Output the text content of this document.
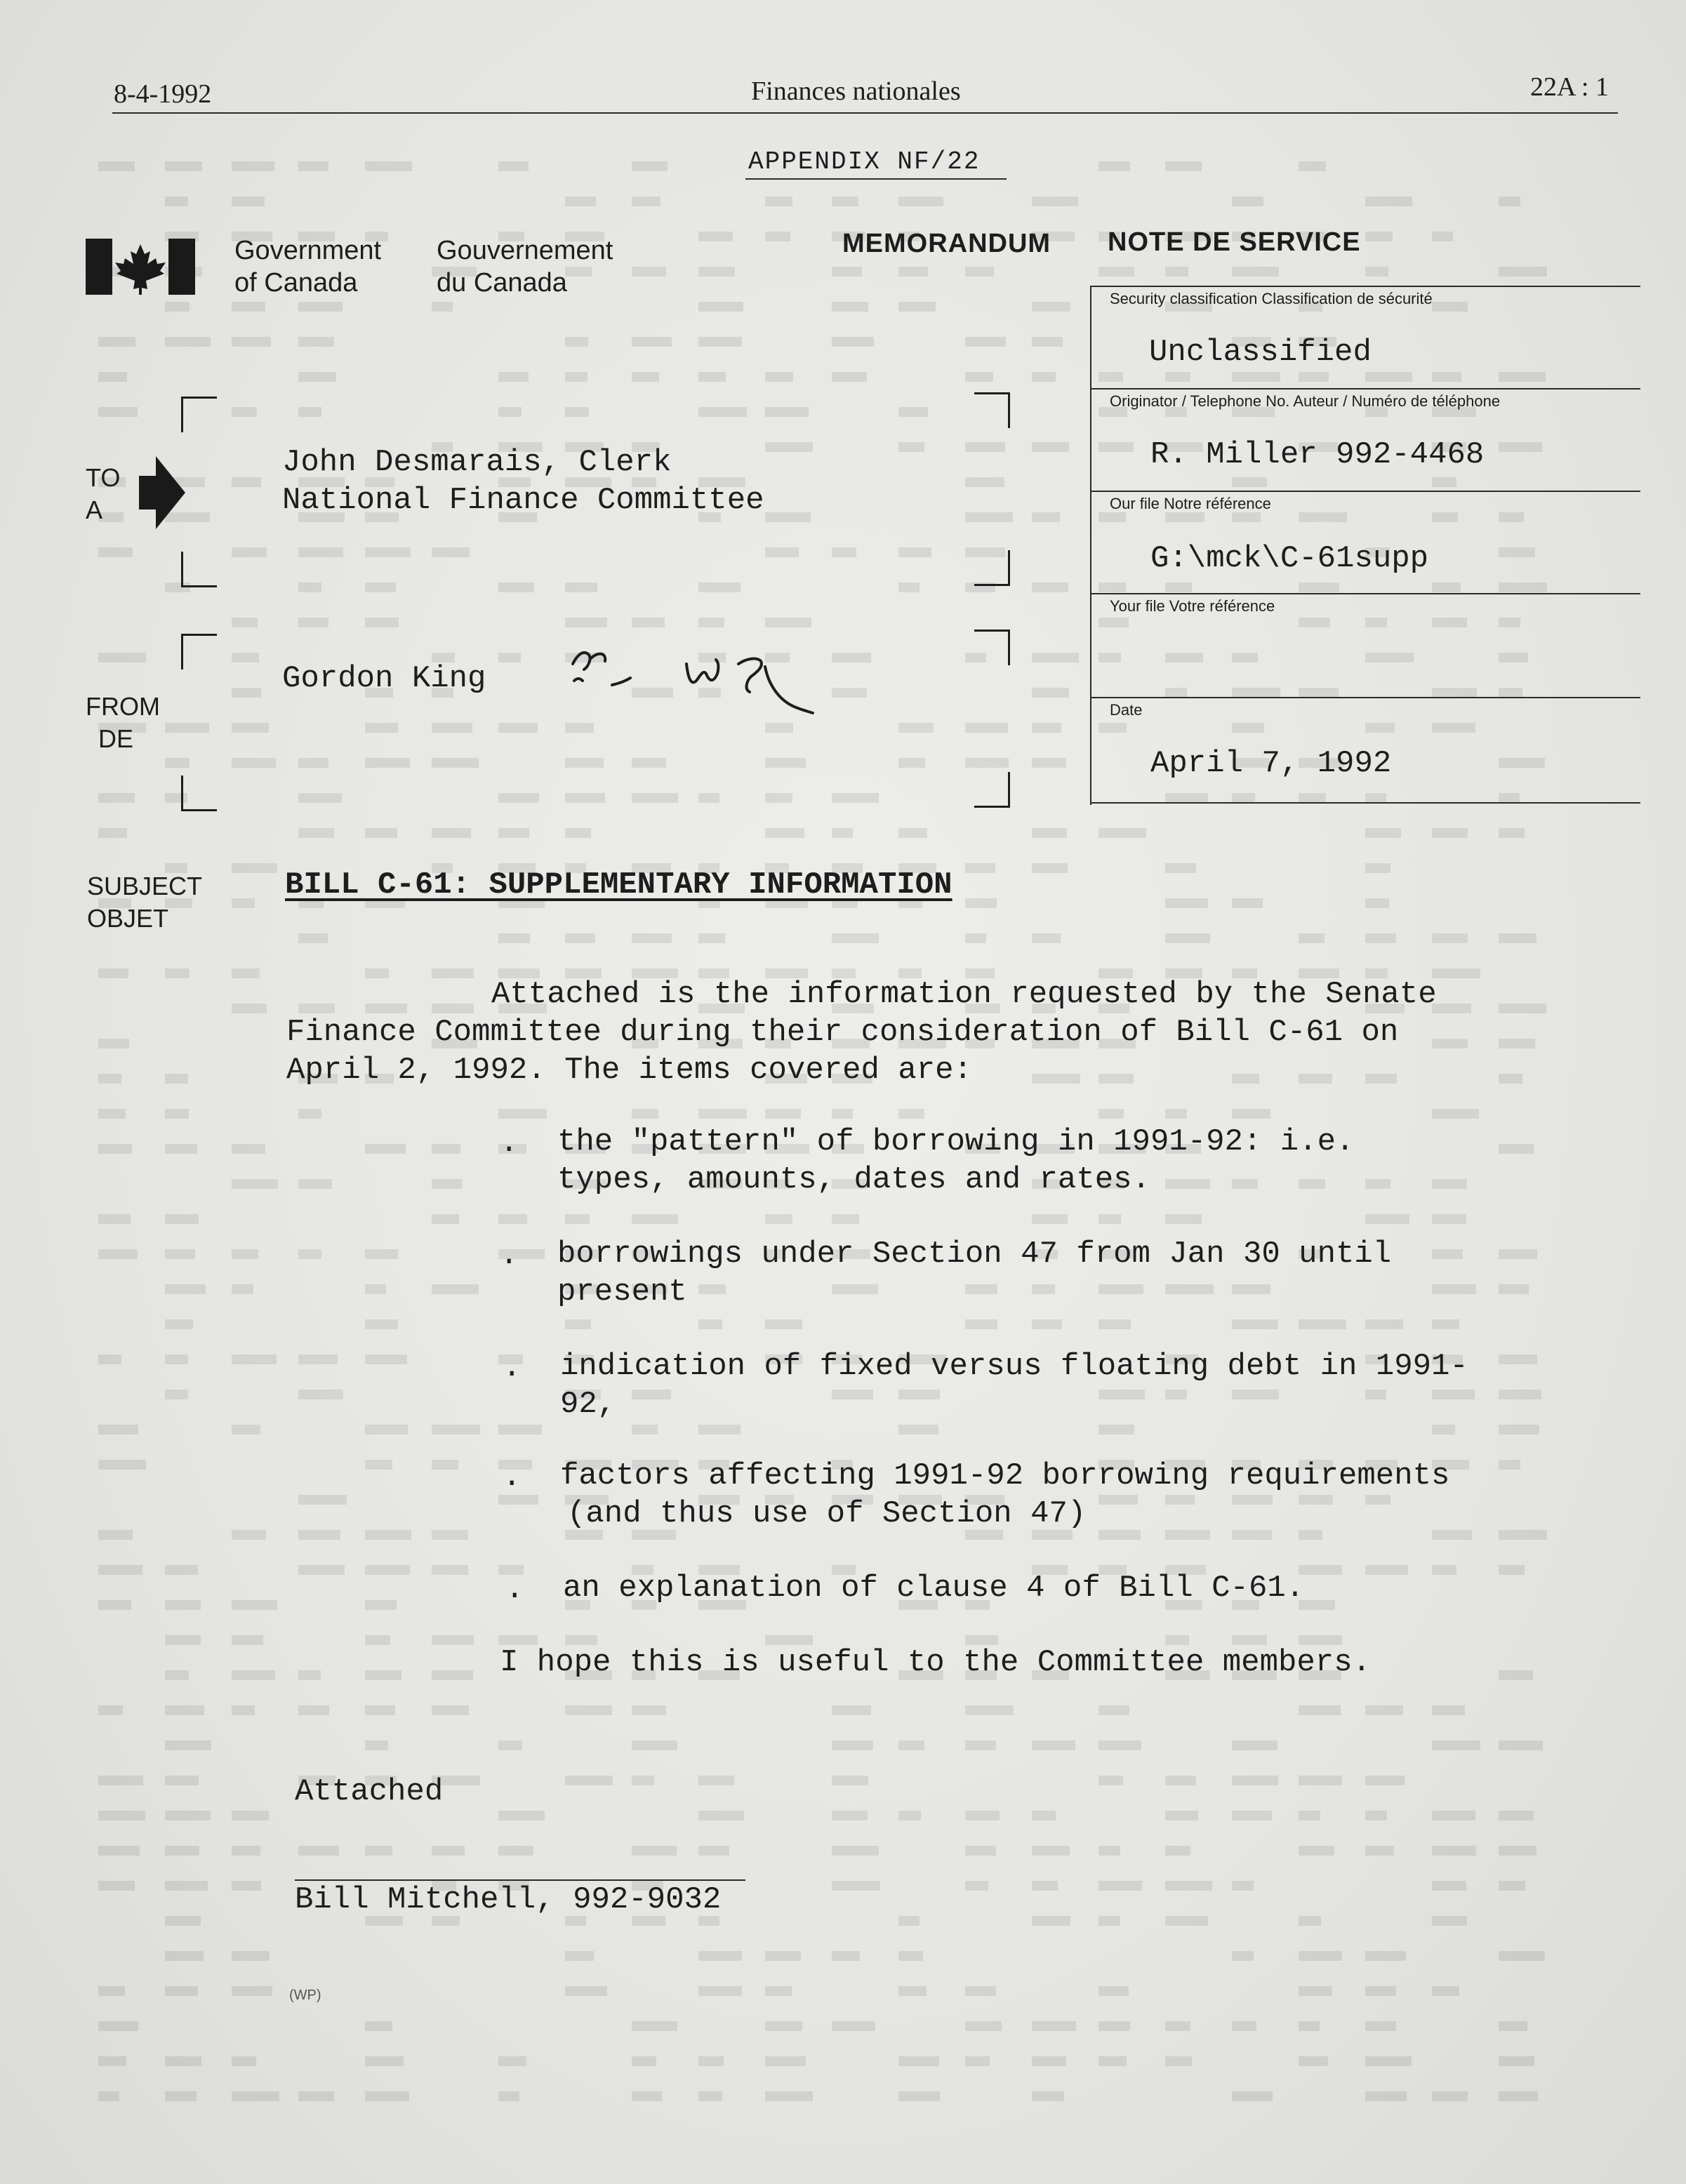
8-4-1992	Finances nationales	22A : 1
APPENDIX NF/22
Government
of Canada
Gouvernement
du Canada
MEMORANDUM NOTE DE SERVICE
Security classification Classification de sécurité
Unclassified
Originator / Telephone No. Auteur / Numéro de téléphone
R. Miller 992-4468
Our file Notre référence
G:\mck\C-61supp
Your file Votre référence
Date
April 7, 1992
TO
A
John Desmarais, Clerk
National Finance Committee
FROM
DE
Gordon King
SUBJECT
OBJET
BILL C-61: SUPPLEMENTARY INFORMATION
Attached is the information requested by the Senate
Finance Committee during their consideration of Bill C-61 on
April 2, 1992. The items covered are:
. the "pattern" of borrowing in 1991-92: i.e.
types, amounts, dates and rates.
. borrowings under Section 47 from Jan 30 until
present
. indication of fixed versus floating debt in 1991-
92,
. factors affecting 1991-92 borrowing requirements
(and thus use of Section 47)
. an explanation of clause 4 of Bill C-61.
I hope this is useful to the Committee members.
Attached
Bill Mitchell, 992-9032
(WP)
